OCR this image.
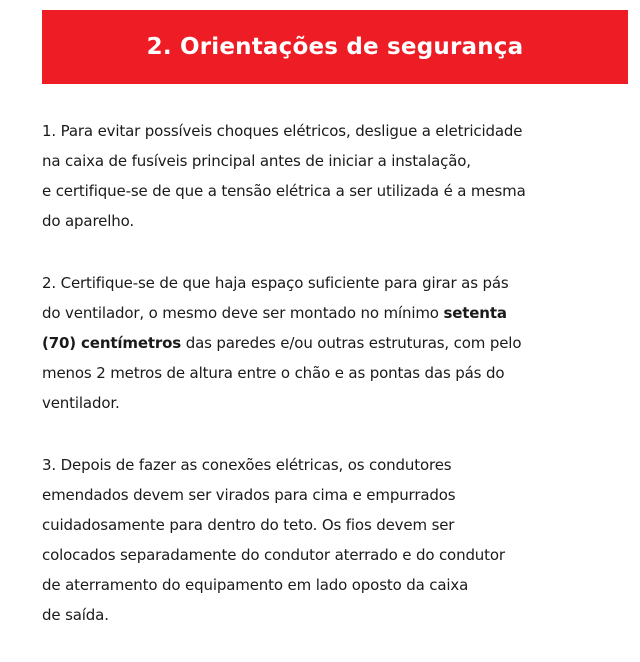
2. Orientações de segurança
1. Para evitar possíveis choques elétricos, desligue a eletricidade
na caixa de fusíveis principal antes de iniciar a instalação,
e certifique-se de que a tensão elétrica a ser utilizada é a mesma
do aparelho.
2. Certifique-se de que haja espaço suficiente para girar as pás
do ventilador, o mesmo deve ser montado no mínimo setenta
(70) centímetros das paredes e/ou outras estruturas, com pelo
menos 2 metros de altura entre o chão e as pontas das pás do
ventilador.
3. Depois de fazer as conexões elétricas, os condutores
emendados devem ser virados para cima e empurrados
cuidadosamente para dentro do teto. Os fios devem ser
colocados separadamente do condutor aterrado e do condutor
de aterramento do equipamento em lado oposto da caixa
de saída.
